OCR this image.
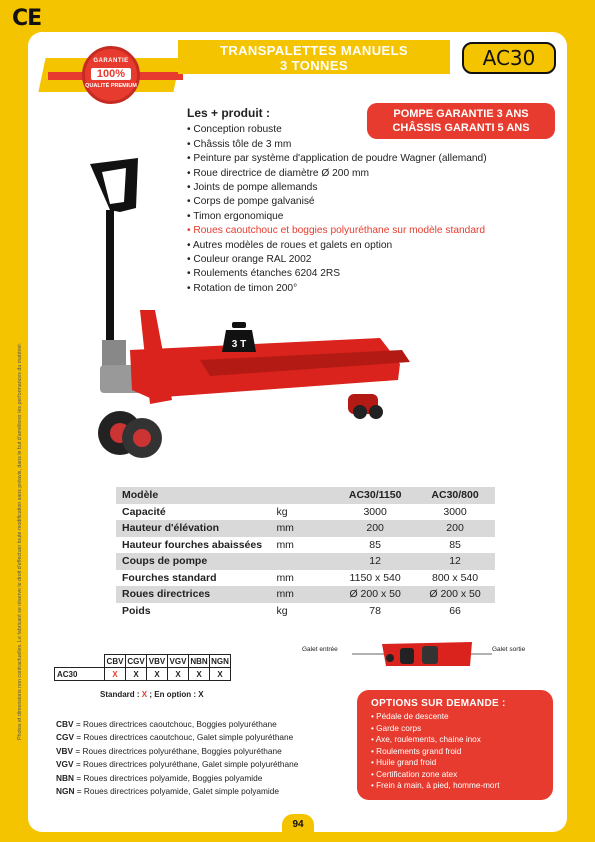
CE
Photos et dimensions non contractuelles. Le fabricant se réserve le droit d'effectuer toute modification sans préavis, dans le but d'améliorer les performances du matériel.
GARANTIE
100%
QUALITÉ PREMIUM
TRANSPALETTES MANUELS
3 TONNES	AC30
POMPE GARANTIE 3 ANS
CHÂSSIS GARANTI 5 ANS
Les + produit :
• Conception robuste
• Châssis tôle de 3 mm
• Peinture par système d'application de poudre Wagner (allemand)
• Roue directrice de diamètre Ø 200 mm
• Joints de pompe allemands
• Corps de pompe galvanisé
• Timon ergonomique
• Roues caoutchouc et boggies polyuréthane sur modèle standard
• Autres modèles de roues et galets en option
• Couleur orange RAL 2002
• Roulements étanches 6204 2RS
• Rotation de timon 200°
3 T
Modèle		AC30/1150	AC30/800
Capacité	kg	3000	3000
Hauteur d'élévation	mm	200	200
Hauteur fourches abaissées	mm	85	85
Coups de pompe		12	12
Fourches standard	mm	1150 x 540	800 x 540
Roues directrices	mm	Ø 200 x 50	Ø 200 x 50
Poids	kg	78	66
	CBV	CGV	VBV	VGV	NBN	NGN
AC30	X	X	X	X	X	X
Standard : X ; En option : X
CBV = Roues directrices caoutchouc, Boggies polyuréthane
CGV = Roues directrices caoutchouc, Galet simple polyuréthane
VBV = Roues directrices polyuréthane, Boggies polyuréthane
VGV = Roues directrices polyuréthane, Galet simple polyuréthane
NBN = Roues directrices polyamide, Boggies polyamide
NGN = Roues directrices polyamide, Galet simple polyamide
Galet entrée	Galet sortie
OPTIONS SUR DEMANDE :
• Pédale de descente
• Garde corps
• Axe, roulements, chaine inox
• Roulements grand froid
• Huile grand froid
• Certification zone atex
• Frein à main, à pied, homme-mort
94
